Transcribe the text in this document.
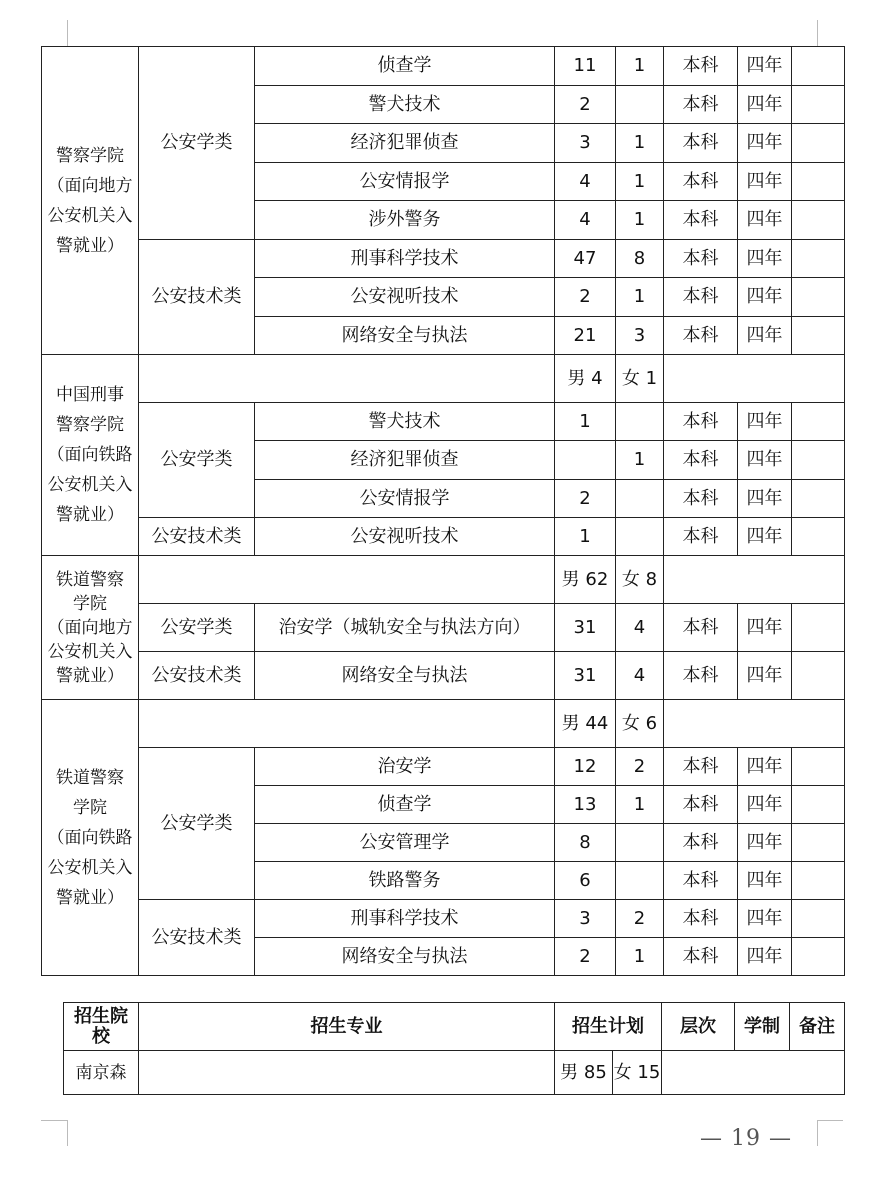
警察学院
（面向地方
公安机关入
警就业）	公安学类	侦查学	11	1	本科	四年	
		警犬技术	2		本科	四年	
		经济犯罪侦查	3	1	本科	四年	
		公安情报学	4	1	本科	四年	
		涉外警务	4	1	本科	四年	
	公安技术类	刑事科学技术	47	8	本科	四年	
		公安视听技术	2	1	本科	四年	
		网络安全与执法	21	3	本科	四年	
中国刑事
警察学院
（面向铁路
公安机关入
警就业）			男 4	女 1			
	公安学类	警犬技术	1		本科	四年	
		经济犯罪侦查		1	本科	四年	
		公安情报学	2		本科	四年	
	公安技术类	公安视听技术	1		本科	四年	
铁道警察
学院
（面向地方
公安机关入
警就业）			男 62	女 8			
	公安学类	治安学（城轨安全与执法方向）	31	4	本科	四年	
	公安技术类	网络安全与执法	31	4	本科	四年	
铁道警察
学院
（面向铁路
公安机关入
警就业）			男 44	女 6			
	公安学类	治安学	12	2	本科	四年	
		侦查学	13	1	本科	四年	
		公安管理学	8		本科	四年	
		铁路警务	6		本科	四年	
	公安技术类	刑事科学技术	3	2	本科	四年	
		网络安全与执法	2	1	本科	四年	
招生院
校	招生专业	招生计划		层次	学制	备注
南京森		男 85	女 15			
— 19 —
